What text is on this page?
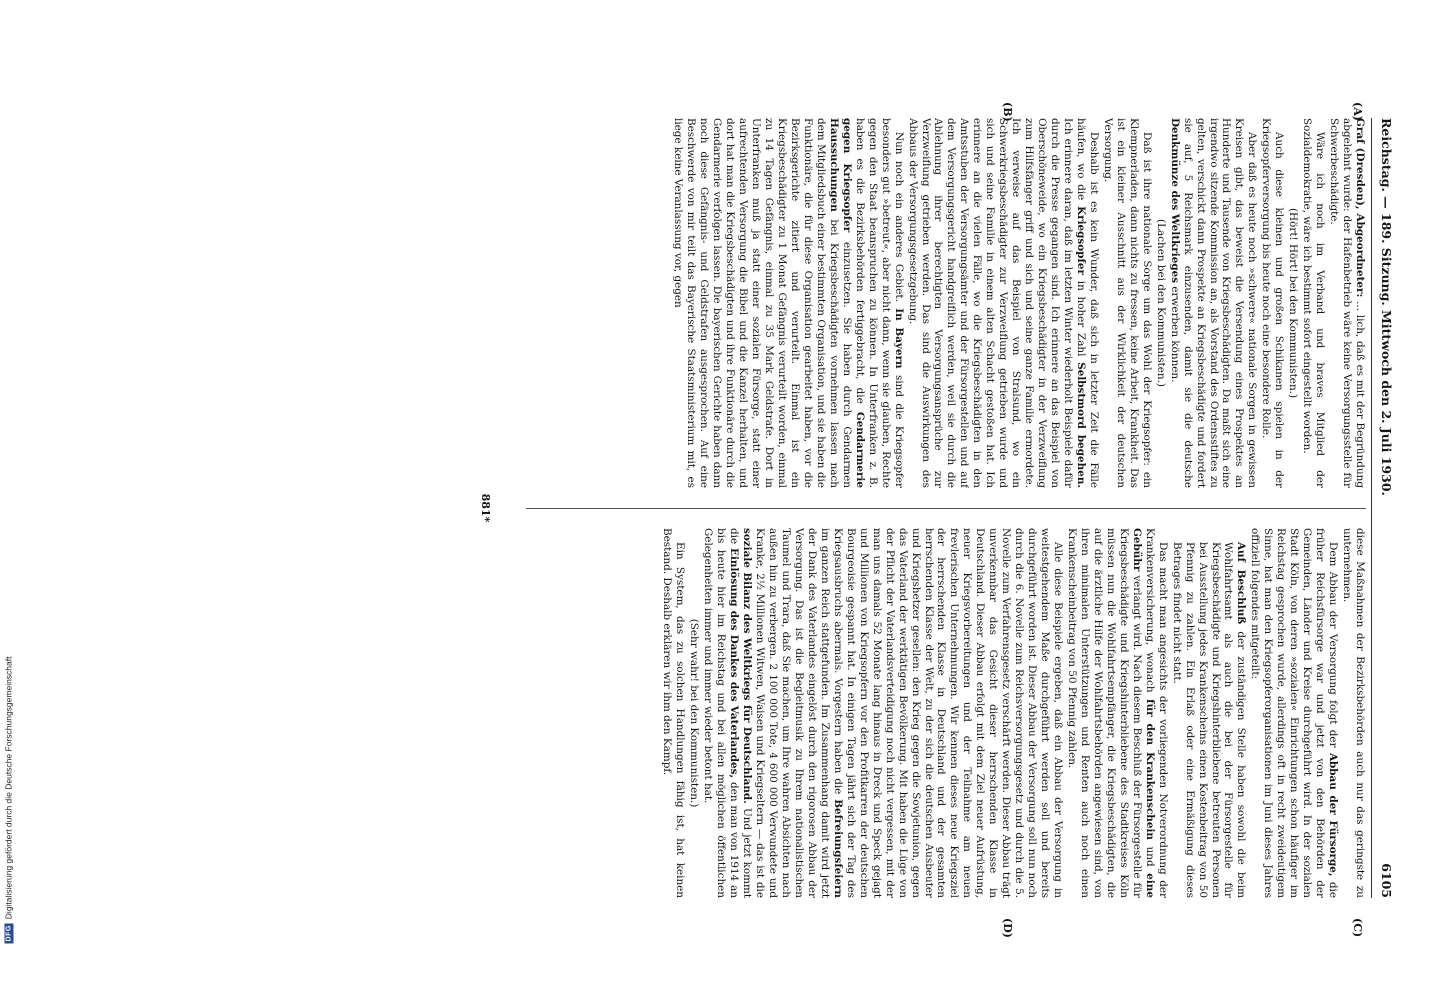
DFG
Digitalisierung gefördert durch die Deutsche Forschungsgemeinschaft
Reichstag. — 189. Sitzung. Mittwoch den 2. Juli 1930.
6105
(A)
(B)
(C)
(D)

Graf (Dresden), Abgeordneter: ... lich, daß es mit der Begründung abgelehnt wurde: der Hafenbetrieb wäre keine Versorgungsstelle für Schwerbeschädigte.

Wäre ich noch im Verband und braves Mitglied der Sozialdemokratie, wäre ich bestimmt sofort eingestellt worden.

(Hört! Hört! bei den Kommunisten.)

Auch diese kleinen und großen Schikanen spielen in der Kriegsopferversorgung bis heute noch eine besondere Rolle.

Aber daß es heute noch »schwere« nationale Sorgen in gewissen Kreisen gibt, das beweist die Versendung eines Prospektes an Hunderte und Tausende von Kriegsbeschädigten. Da maßt sich eine irgendwo sitzende Kommission an, als Vorstand des Ordensstiftes zu gelten, verschickt dann Prospekte an Kriegsbeschädigte und fordert sie auf, 5 Reichsmark einzusenden, damit sie die deutsche Denkmünze des Weltkrieges erwerben können.

(Lachen bei den Kommunisten.)

Daß ist ihre nationale Sorge um das Wohl der Kriegsopfer: ein Klempnerladen, dann nichts zu fressen, keine Arbeit, Krankheit. Das ist ein kleiner Ausschnitt aus der Wirklichkeit der deutschen Versorgung.

Deshalb ist es kein Wunder, daß sich in letzter Zeit die Fälle häufen, wo die Kriegsopfer in hoher Zahl Selbstmord begehen. Ich erinnere daran, daß im letzten Winter wiederholt Beispiele dafür durch die Presse gegangen sind. Ich erinnere an das Beispiel von Oberschöneweide, wo ein Kriegsbeschädigter in der Verzweiflung zum Hilfsfänger griff und sich und seine ganze Familie ermordete. Ich verweise auf das Beispiel von Stralsund, wo ein Schwerkriegsbeschädigter zur Verzweiflung getrieben wurde und sich und seine Familie in einem alten Schacht gestoßen hat. Ich erinnere an die vielen Fälle, wo die Kriegsbeschädigten in den Amtsstuben der Versorgungsämter und der Fürsorgestellen und auf dem Versorgungsgericht handgreiflich werden, weil sie durch die Ablehnung ihrer berechtigten Versorgungsansprüche zur Verzweiflung getrieben werden. Das sind die Auswirkungen des Abbaus der Versorgungsgesetzgebung.

Nun noch ein anderes Gebiet. In Bayern sind die Kriegsopfer besonders gut »betreut«, aber nicht dann, wenn sie glauben, Rechte gegen den Staat beanspruchen zu können. In Unterfranken z. B. haben es die Bezirksbehörden fertiggebracht, die Gendarmerie gegen Kriegsopfer einzusetzen. Sie haben durch Gendarmen Haussuchungen bei Kriegsbeschädigten vornehmen lassen nach dem Mitgliedsbuch einer bestimmten Organisation, und sie haben die Funktionäre, die für diese Organisation gearbeitet haben, vor die Bezirksgerichte zitiert und verurteilt. Einmal ist ein Kriegsbeschädigter zu 1 Monat Gefängnis verurteilt worden, einmal zu 14 Tagen Gefängnis, einmal zu 35 Mark Geldstrafe. Dort in Unterfranken muß ja statt einer sozialen Fürsorge, statt einer aufrechtenden Versorgung die Bibel und die Kanzel herhalten, und dort hat man die Kriegsbeschädigten und ihre Funktionäre durch die Gendarmerie verfolgen lassen. Die bayerischen Gerichte haben dann noch diese Gefängnis- und Geldstrafen ausgesprochen. Auf eine Beschwerde von mir teilt das Bayerische Staatsministerium mit, es liege keine Veranlassung vor, gegen

diese Maßnahmen der Bezirksbehörden auch nur das geringste zu unternehmen.

Dem Abbau der Versorgung folgt der Abbau der Fürsorge, die früher Reichsfürsorge war und jetzt von den Behörden der Gemeinden, Länder und Kreise durchgeführt wird. In der sozialen Stadt Köln, von deren »sozialen« Einrichtungen schon häufiger im Reichstag gesprochen wurde, allerdings oft in recht zweideutigem Sinne, hat man den Kriegsopferorganisationen im Juni dieses Jahres offiziell folgendes mitgeteilt:

Auf Beschluß der zuständigen Stelle haben sowohl die beim Wohlfahrtsamt als auch die bei der Fürsorgestelle für Kriegsbeschädigte und Kriegshinterbliebene betreuten Personen bei Ausstellung jedes Krankenscheins einen Kostenbeitrag von 50 Pfennig zu zahlen. Ein Erlaß oder eine Ermäßigung dieses Betrages findet nicht statt.

Das macht man angesichts der vorliegenden Notverordnung der Krankenversicherung, wonach für den Krankenschein und eine Gebühr verlangt wird. Nach diesem Beschluß der Fürsorgestelle für Kriegsbeschädigte und Kriegshinterbliebene des Stadtkreises Köln müssen nun die Wohlfahrtsempfänger, die Kriegsbeschädigten, die auf die ärztliche Hilfe der Wohlfahrtsbehörden angewiesen sind, von ihren minimalen Unterstützungen und Renten auch noch einen Krankenscheinbeitrag von 50 Pfennig zahlen.

Alle diese Beispiele ergeben, daß ein Abbau der Versorgung in weitestgehendem Maße durchgeführt werden soll und bereits durchgeführt worden ist. Dieser Abbau der Versorgung soll nun noch durch die 6. Novelle zum Reichsversorgungsgesetz und durch die 5. Novelle zum Verfahrensgesetz verschärft werden. Dieser Abbau trägt unverkennbar das Gesicht dieser herrschenden Klasse in Deutschland. Dieser Abbau erfolgt mit dem Ziel neuer Aufrüstung, neuer Kriegsvorbereitungen und der Teilnahme am neuen frevlerischen Unternehmungen. Wir kennen dieses neue Kriegsziel der herrschenden Klasse in Deutschland und der gesamten herrschenden Klasse der Welt, zu der sich die deutschen Ausbeuter und Kriegshetzer gesellen: den Krieg gegen die Sowjetunion, gegen das Vaterland der werktätigen Bevölkerung. Mit haben die Lüge von der Pflicht der Vaterlandsverteidigung noch nicht vergessen, mit der man uns damals 52 Monate lang hinaus in Dreck und Speck gejagt und Millionen von Kriegsopfern vor den Profitkarren der deutschen Bourgeoisie gespannt hat. In einigen Tagen jährt sich der Tag des Kriegsausbruchs abermals. Vorgestern haben die Befreiungsfeiern im ganzen Reich stattgefunden. Im Zusammenhang damit wird jetzt der Dank des Vaterlandes eingelöst durch den rigorosen Abbau der Versorgung. Das ist die Begleitmusik zu Ihrem nationalistischen Taumel und Trara, daß Sie machen, um Ihre wahren Absichten nach außen hin zu verbergen. 2 100 000 Tote, 4 600 000 Verwundete und Kranke, 2½ Millionen Witwen, Waisen und Kriegseltern — das ist die soziale Bilanz des Weltkriegs für Deutschland. Und jetzt kommt die Einlösung des Dankes des Vaterlandes, den man von 1914 an bis heute hier im Reichstag und bei allen möglichen öffentlichen Gelegenheiten immer und immer wieder betont hat.

(Sehr wahr! bei den Kommunisten.)

Ein System, das zu solchen Handlungen fähig ist, hat keinen Bestand. Deshalb erklären wir ihm den Kampf.

881*
